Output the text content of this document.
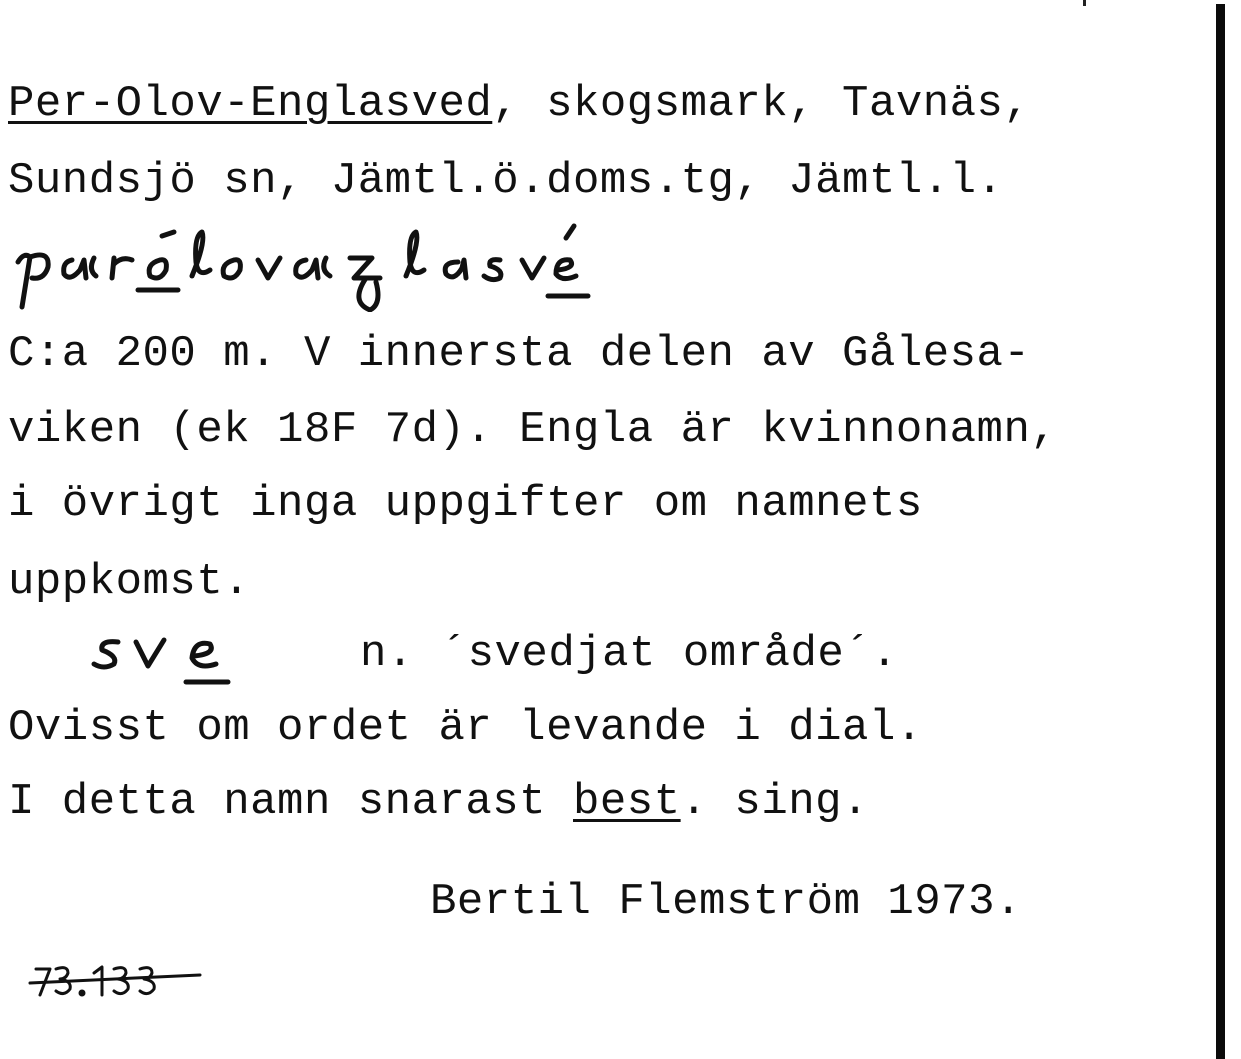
Per-Olov-Englasved, skogsmark, Tavnäs,
Sundsjö sn, Jämtl.ö.doms.tg, Jämtl.l.
C:a 200 m. V innersta delen av Gålesa-
viken (ek 18F 7d). Engla är kvinnonamn,
i övrigt inga uppgifter om namnets
uppkomst.
n. ´svedjat område´.
Ovisst om ordet är levande i dial.
I detta namn snarast best. sing.
Bertil Flemström 1973.
